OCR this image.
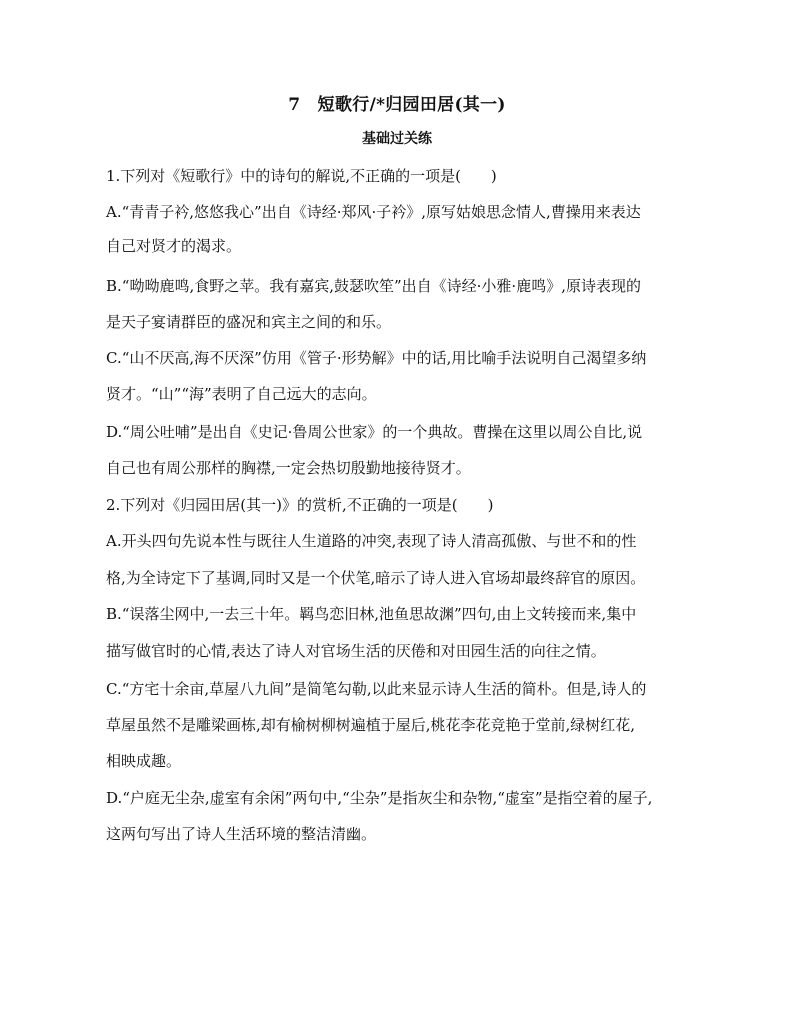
7　短歌行/*归园田居(其一)
基础过关练
1.下列对《短歌行》中的诗句的解说,不正确的一项是(　　)
A.“青青子衿,悠悠我心”出自《诗经·郑风·子衿》,原写姑娘思念情人,曹操用来表达
自己对贤才的渴求。
B.“呦呦鹿鸣,食野之苹。我有嘉宾,鼓瑟吹笙”出自《诗经·小雅·鹿鸣》,原诗表现的
是天子宴请群臣的盛况和宾主之间的和乐。
C.“山不厌高,海不厌深”仿用《管子·形势解》中的话,用比喻手法说明自己渴望多纳
贤才。“山”“海”表明了自己远大的志向。
D.“周公吐哺”是出自《史记·鲁周公世家》的一个典故。曹操在这里以周公自比,说
自己也有周公那样的胸襟,一定会热切殷勤地接待贤才。
2.下列对《归园田居(其一)》的赏析,不正确的一项是(　　)
A.开头四句先说本性与既往人生道路的冲突,表现了诗人清高孤傲、与世不和的性
格,为全诗定下了基调,同时又是一个伏笔,暗示了诗人进入官场却最终辞官的原因。
B.“误落尘网中,一去三十年。羁鸟恋旧林,池鱼思故渊”四句,由上文转接而来,集中
描写做官时的心情,表达了诗人对官场生活的厌倦和对田园生活的向往之情。
C.“方宅十余亩,草屋八九间”是简笔勾勒,以此来显示诗人生活的简朴。但是,诗人的
草屋虽然不是雕梁画栋,却有榆树柳树遍植于屋后,桃花李花竞艳于堂前,绿树红花,
相映成趣。
D.“户庭无尘杂,虚室有余闲”两句中,“尘杂”是指灰尘和杂物,“虚室”是指空着的屋子,
这两句写出了诗人生活环境的整洁清幽。
